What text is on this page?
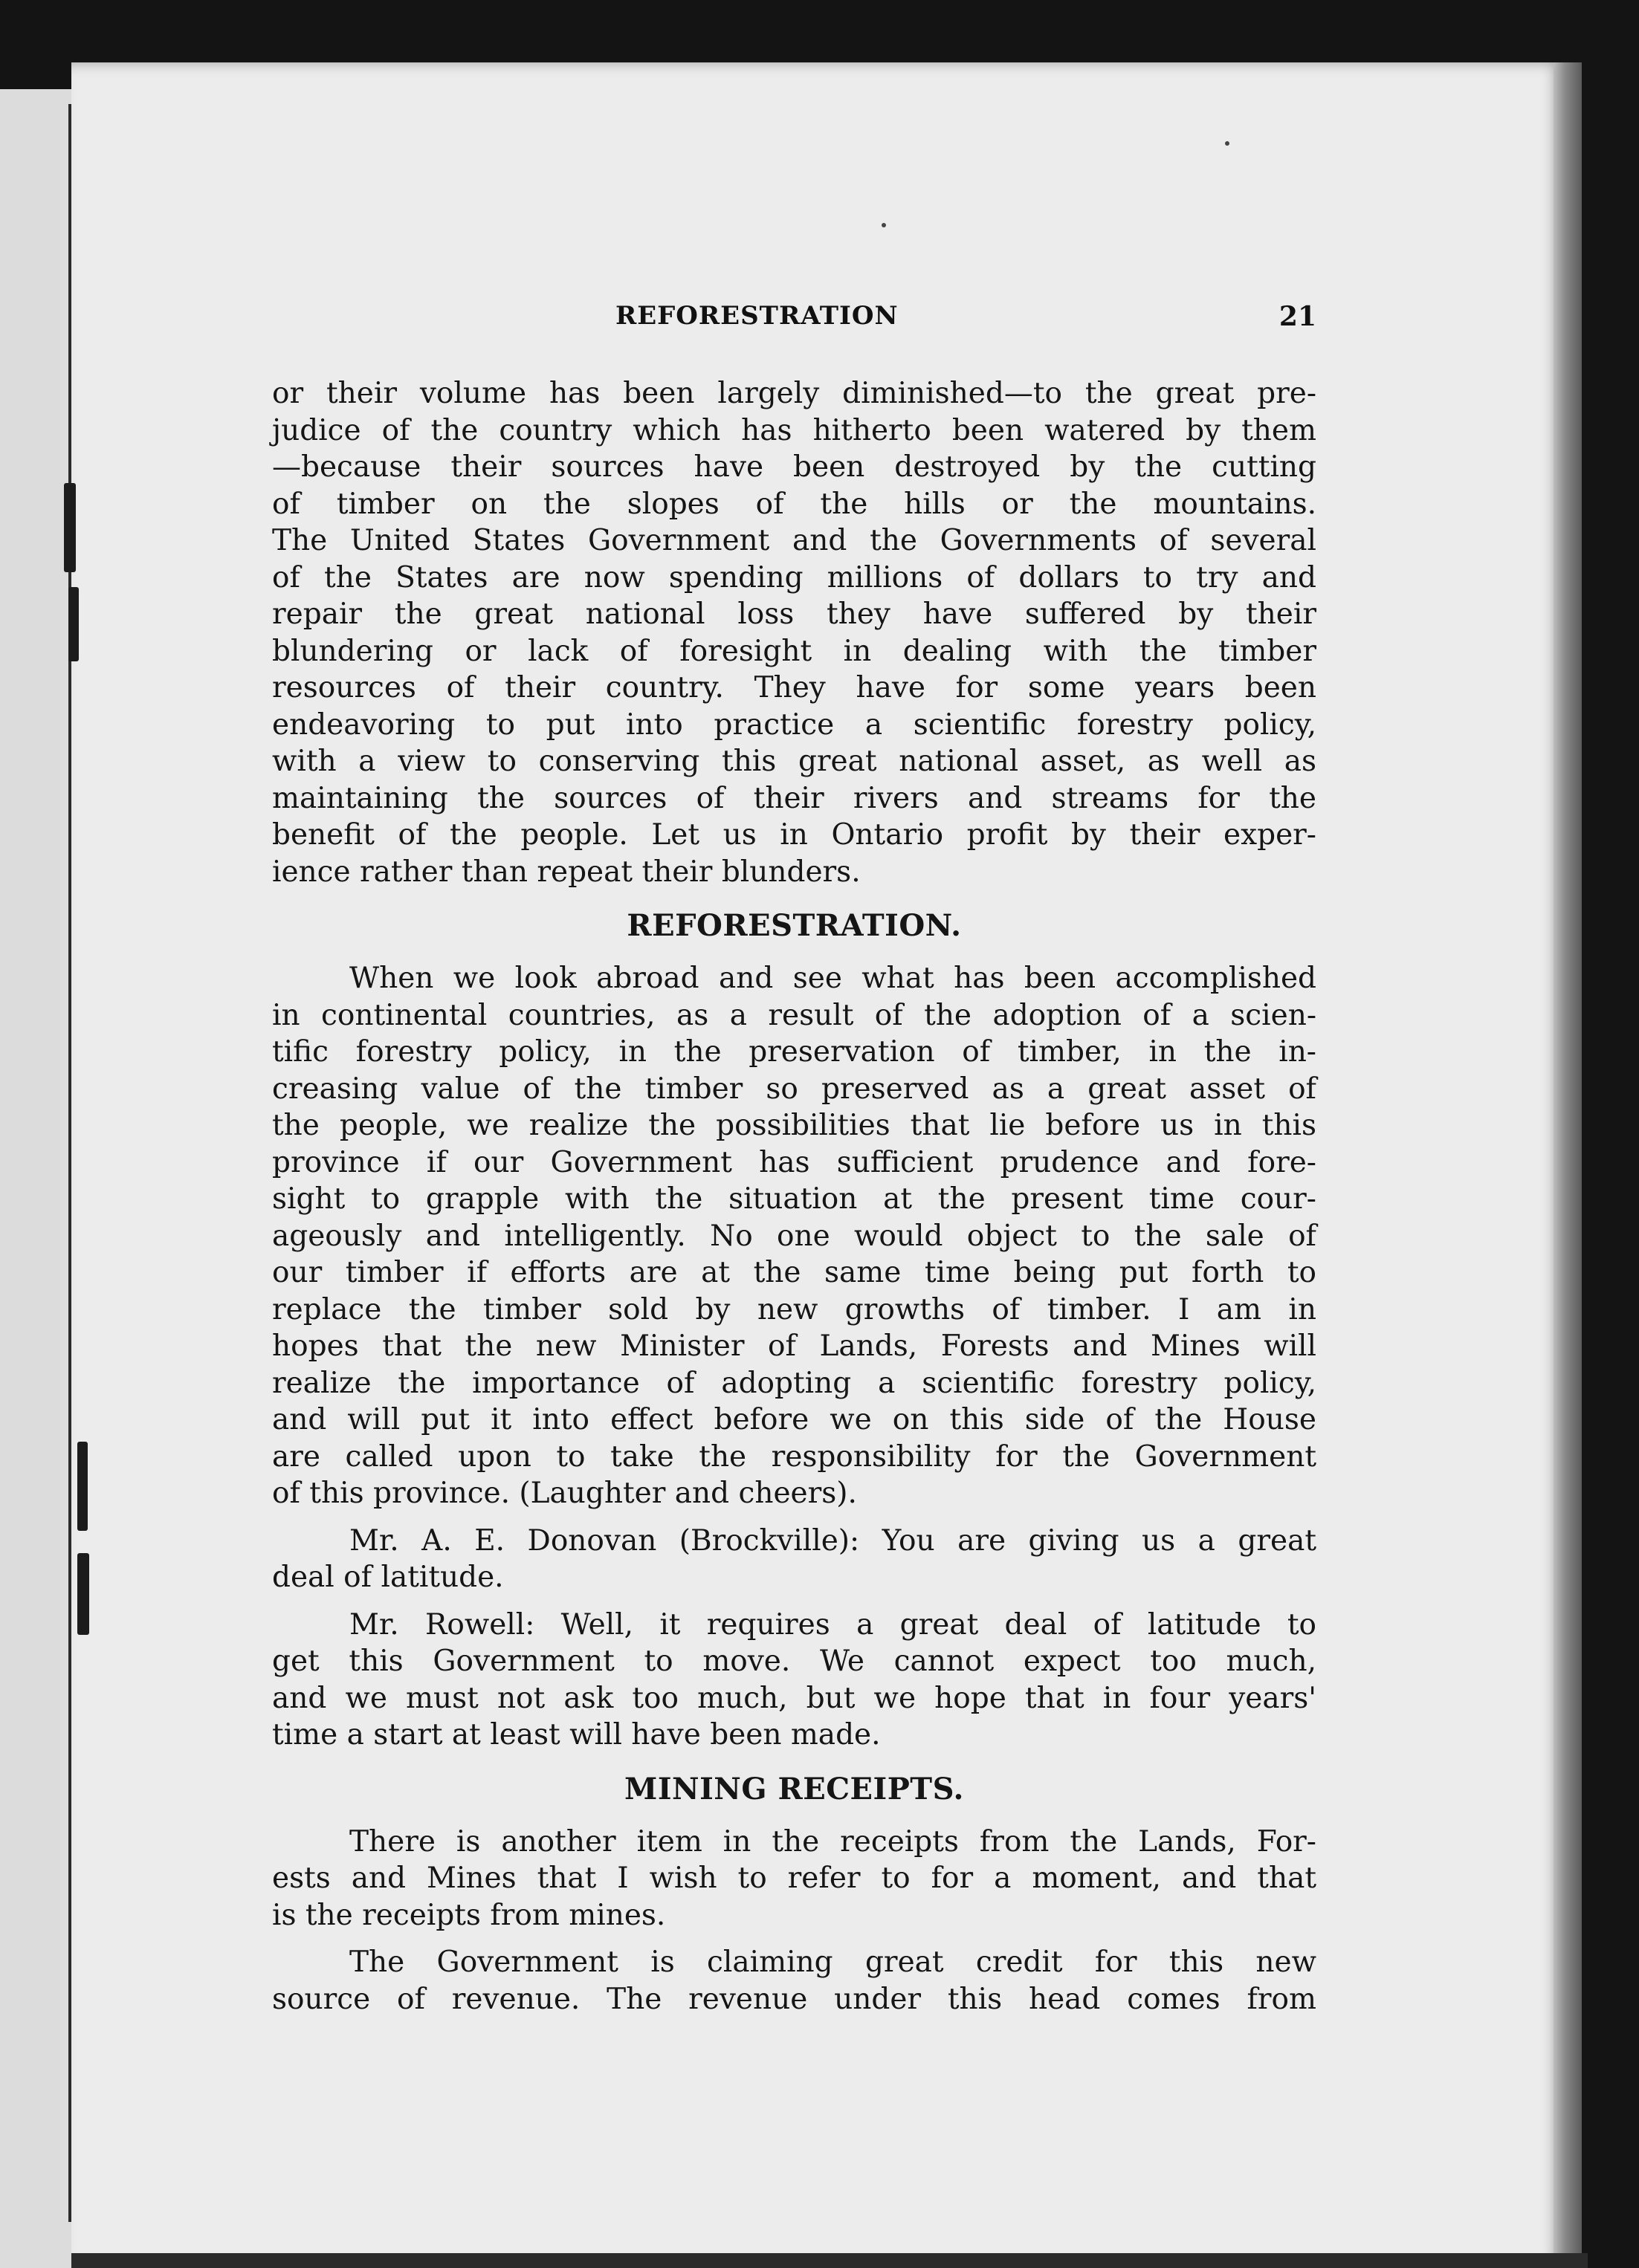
REFORESTRATION	21
or their volume has been largely diminished—to the great pre-
judice of the country which has hitherto been watered by them
—because their sources have been destroyed by the cutting
of timber on the slopes of the hills or the mountains.
The United States Government and the Governments of several
of the States are now spending millions of dollars to try and
repair the great national loss they have suffered by their
blundering or lack of foresight in dealing with the timber
resources of their country. They have for some years been
endeavoring to put into practice a scientific forestry policy,
with a view to conserving this great national asset, as well as
maintaining the sources of their rivers and streams for the
benefit of the people. Let us in Ontario profit by their exper-
ience rather than repeat their blunders.
REFORESTRATION.
When we look abroad and see what has been accomplished
in continental countries, as a result of the adoption of a scien-
tific forestry policy, in the preservation of timber, in the in-
creasing value of the timber so preserved as a great asset of
the people, we realize the possibilities that lie before us in this
province if our Government has sufficient prudence and fore-
sight to grapple with the situation at the present time cour-
ageously and intelligently. No one would object to the sale of
our timber if efforts are at the same time being put forth to
replace the timber sold by new growths of timber. I am in
hopes that the new Minister of Lands, Forests and Mines will
realize the importance of adopting a scientific forestry policy,
and will put it into effect before we on this side of the House
are called upon to take the responsibility for the Government
of this province. (Laughter and cheers).
Mr. A. E. Donovan (Brockville): You are giving us a great
deal of latitude.
Mr. Rowell: Well, it requires a great deal of latitude to
get this Government to move. We cannot expect too much,
and we must not ask too much, but we hope that in four years'
time a start at least will have been made.
MINING RECEIPTS.
There is another item in the receipts from the Lands, For-
ests and Mines that I wish to refer to for a moment, and that
is the receipts from mines.
The Government is claiming great credit for this new
source of revenue. The revenue under this head comes from
